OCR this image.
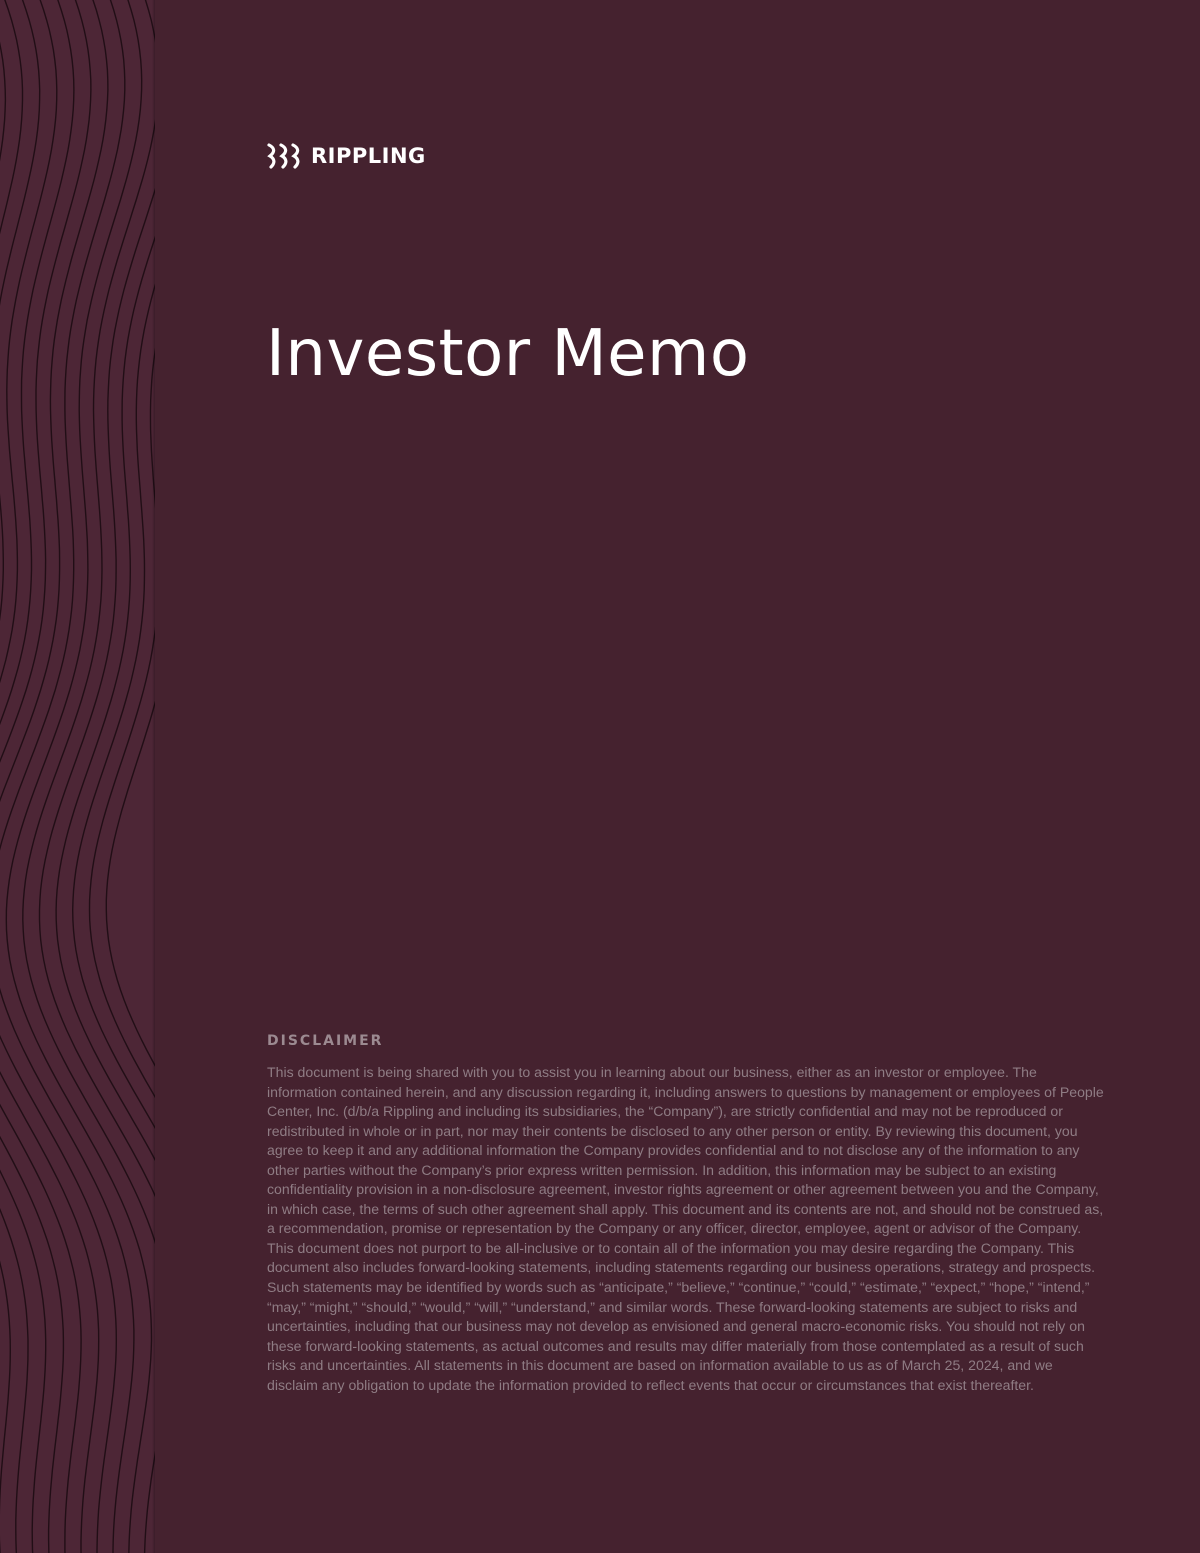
RIPPLING
Investor Memo
DISCLAIMER

This document is being shared with you to assist you in learning about our business, either as an investor or employee. The information contained herein, and any discussion regarding it, including answers to questions by management or employees of People Center, Inc. (d/b/a Rippling and including its subsidiaries, the “Company”), are strictly confidential and may not be reproduced or redistributed in whole or in part, nor may their contents be disclosed to any other person or entity. By reviewing this document, you agree to keep it and any additional information the Company provides confidential and to not disclose any of the information to any other parties without the Company’s prior express written permission. In addition, this information may be subject to an existing confidentiality provision in a non-disclosure agreement, investor rights agreement or other agreement between you and the Company, in which case, the terms of such other agreement shall apply. This document and its contents are not, and should not be construed as, a recommendation, promise or representation by the Company or any officer, director, employee, agent or advisor of the Company. This document does not purport to be all-inclusive or to contain all of the information you may desire regarding the Company. This document also includes forward-looking statements, including statements regarding our business operations, strategy and prospects. Such statements may be identified by words such as “anticipate,” “believe,” “continue,” “could,” “estimate,” “expect,” “hope,” “intend,” “may,” “might,” “should,” “would,” “will,” “understand,” and similar words. These forward-looking statements are subject to risks and uncertainties, including that our business may not develop as envisioned and general macro-economic risks. You should not rely on these forward-looking statements, as actual outcomes and results may differ materially from those contemplated as a result of such risks and uncertainties. All statements in this document are based on information available to us as of March 25, 2024, and we disclaim any obligation to update the information provided to reflect events that occur or circumstances that exist thereafter.
